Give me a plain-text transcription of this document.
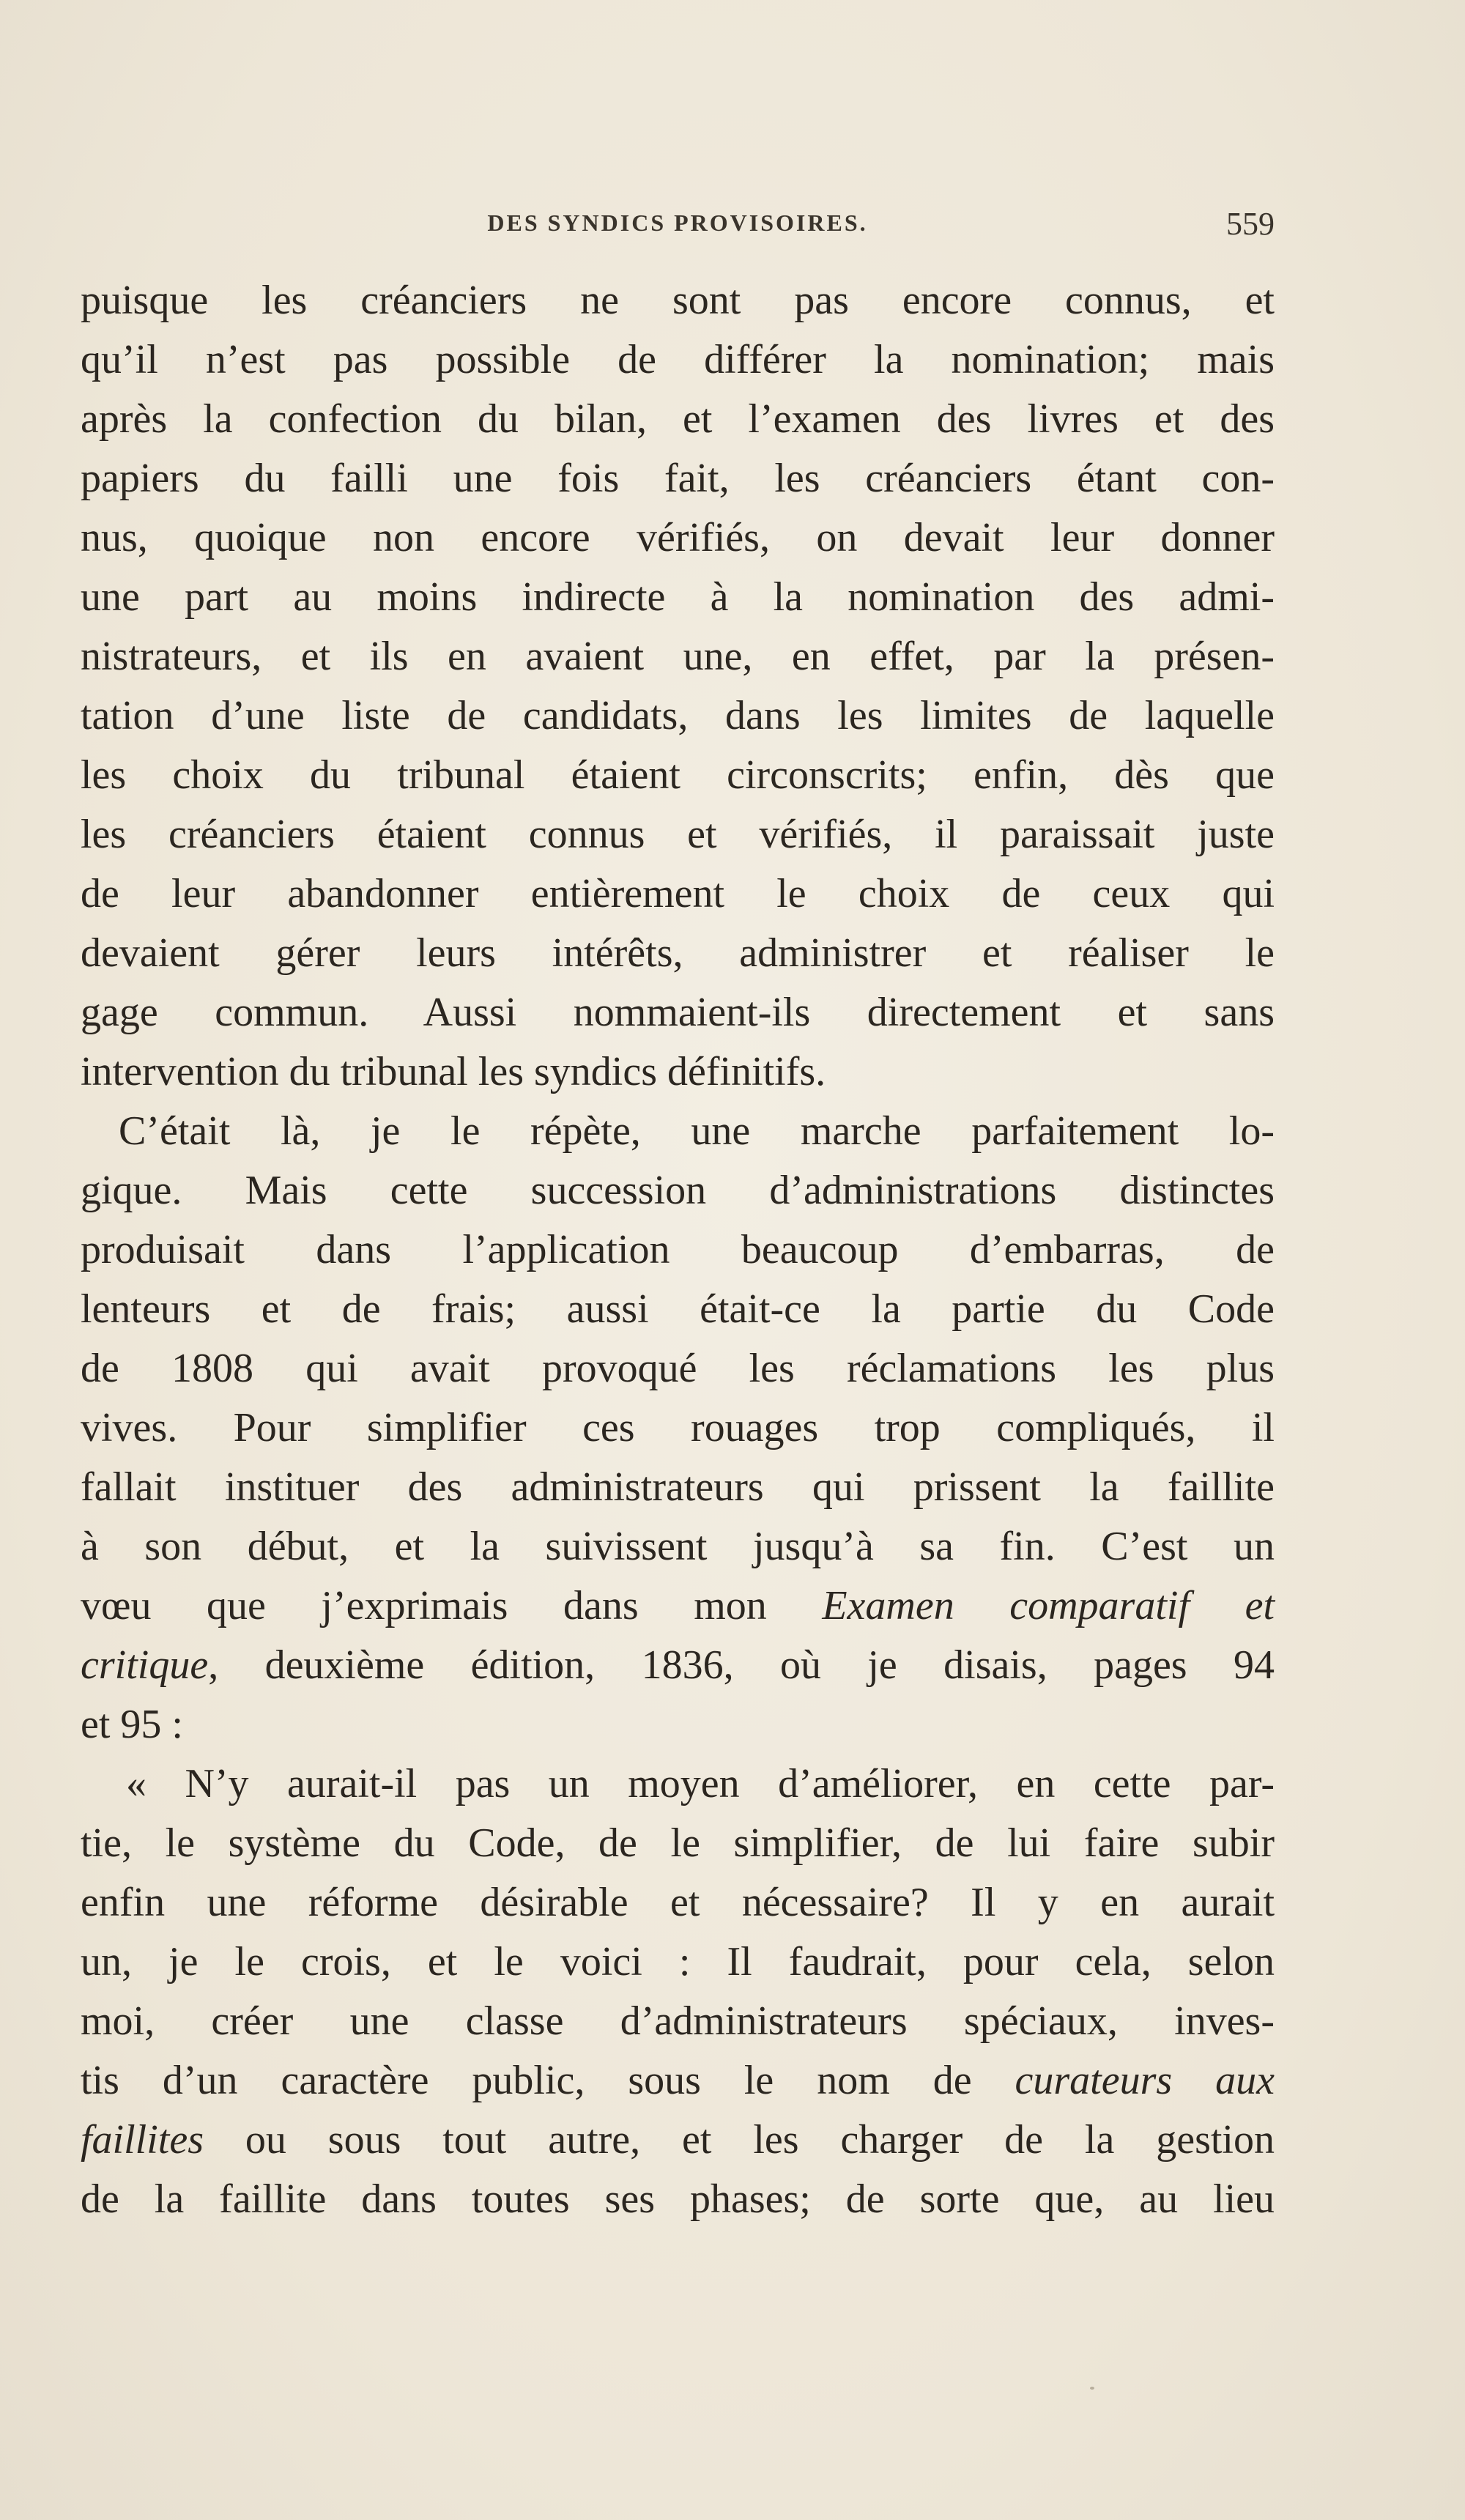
DES SYNDICS PROVISOIRES.	559
puisque les créanciers ne sont pas encore connus, et
qu’il n’est pas possible de différer la nomination; mais
après la confection du bilan, et l’examen des livres et des
papiers du failli une fois fait, les créanciers étant con-
nus, quoique non encore vérifiés, on devait leur donner
une part au moins indirecte à la nomination des admi-
nistrateurs, et ils en avaient une, en effet, par la présen-
tation d’une liste de candidats, dans les limites de laquelle
les choix du tribunal étaient circonscrits; enfin, dès que
les créanciers étaient connus et vérifiés, il paraissait juste
de leur abandonner entièrement le choix de ceux qui
devaient gérer leurs intérêts, administrer et réaliser le
gage commun. Aussi nommaient-ils directement et sans
intervention du tribunal les syndics définitifs.
C’était là, je le répète, une marche parfaitement lo-
gique. Mais cette succession d’administrations distinctes
produisait dans l’application beaucoup d’embarras, de
lenteurs et de frais; aussi était-ce la partie du Code
de 1808 qui avait provoqué les réclamations les plus
vives. Pour simplifier ces rouages trop compliqués, il
fallait instituer des administrateurs qui prissent la faillite
à son début, et la suivissent jusqu’à sa fin. C’est un
vœu que j’exprimais dans mon Examen comparatif et
critique, deuxième édition, 1836, où je disais, pages 94
et 95 :
« N’y aurait-il pas un moyen d’améliorer, en cette par-
tie, le système du Code, de le simplifier, de lui faire subir
enfin une réforme désirable et nécessaire? Il y en aurait
un, je le crois, et le voici : Il faudrait, pour cela, selon
moi, créer une classe d’administrateurs spéciaux, inves-
tis d’un caractère public, sous le nom de curateurs aux
faillites ou sous tout autre, et les charger de la gestion
de la faillite dans toutes ses phases; de sorte que, au lieu
